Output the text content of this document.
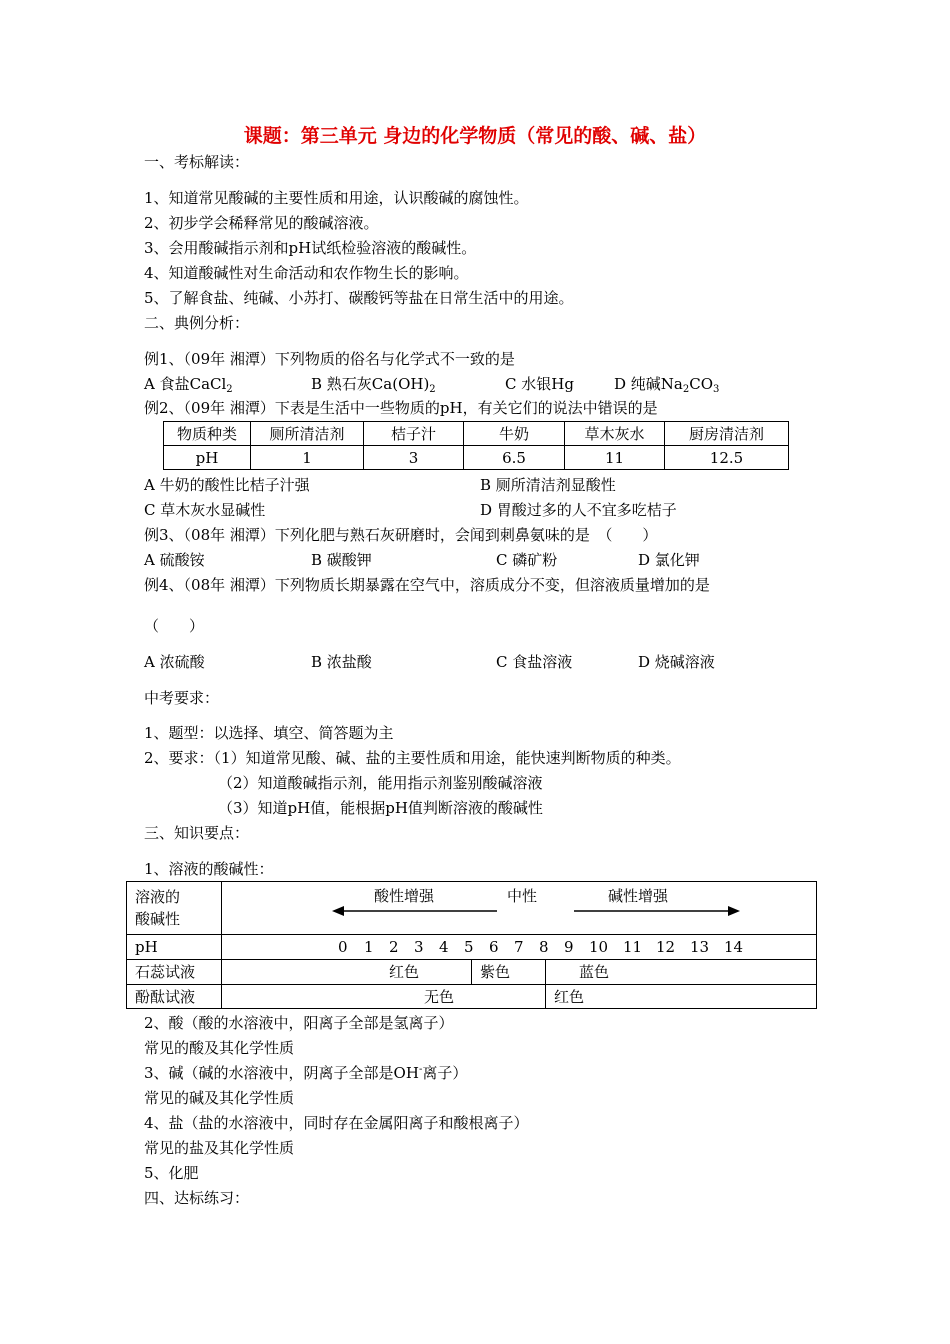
课题：第三单元 身边的化学物质（常见的酸、碱、盐）
一、考标解读：
1、知道常见酸碱的主要性质和用途，认识酸碱的腐蚀性。
2、初步学会稀释常见的酸碱溶液。
3、会用酸碱指示剂和pH试纸检验溶液的酸碱性。
4、知道酸碱性对生命活动和农作物生长的影响。
5、了解食盐、纯碱、小苏打、碳酸钙等盐在日常生活中的用途。
二、典例分析：
例1、（09年 湘潭）下列物质的俗名与化学式不一致的是
A 食盐CaCl$_2$	B 熟石灰$Ca(OH)_2$	C 水银Hg	D 纯碱$Na_2CO_3$
例2、（09年 湘潭）下表是生活中一些物质的pH，有关它们的说法中错误的是
物质种类	厕所清洁剂	桔子汁	牛奶	草木灰水	厨房清洁剂
pH	1	3	6.5	11	12.5
A 牛奶的酸性比桔子汁强	B 厕所清洁剂显酸性
C 草木灰水显碱性	D 胃酸过多的人不宜多吃桔子
例3、（08年 湘潭）下列化肥与熟石灰研磨时，会闻到刺鼻氨味的是　（　　）
A 硫酸铵	B 碳酸钾	C 磷矿粉	D 氯化钾
例4、（08年 湘潭）下列物质长期暴露在空气中，溶质成分不变，但溶液质量增加的是
（　　）
A 浓硫酸	B 浓盐酸	C 食盐溶液	D 烧碱溶液
中考要求：
1、题型：以选择、填空、简答题为主
2、要求：（1）知道常见酸、碱、盐的主要性质和用途，能快速判断物质的种类。
（2）知道酸碱指示剂，能用指示剂鉴别酸碱溶液
（3）知道pH值，能根据pH值判断溶液的酸碱性
三、知识要点：
1、溶液的酸碱性：
溶液的
酸碱性
酸性增强	中性	碱性增强
pH	0 1 2 3 4 5 6 7 8 9 10 11 12 13 14
石蕊试液	红色	紫色	蓝色
酚酞试液	无色	红色
2、酸（酸的水溶液中，阳离子全部是氢离子）
常见的酸及其化学性质
3、碱（碱的水溶液中，阴离子全部是OH-离子）
常见的碱及其化学性质
4、盐（盐的水溶液中，同时存在金属阳离子和酸根离子）
常见的盐及其化学性质
5、化肥
四、达标练习：
